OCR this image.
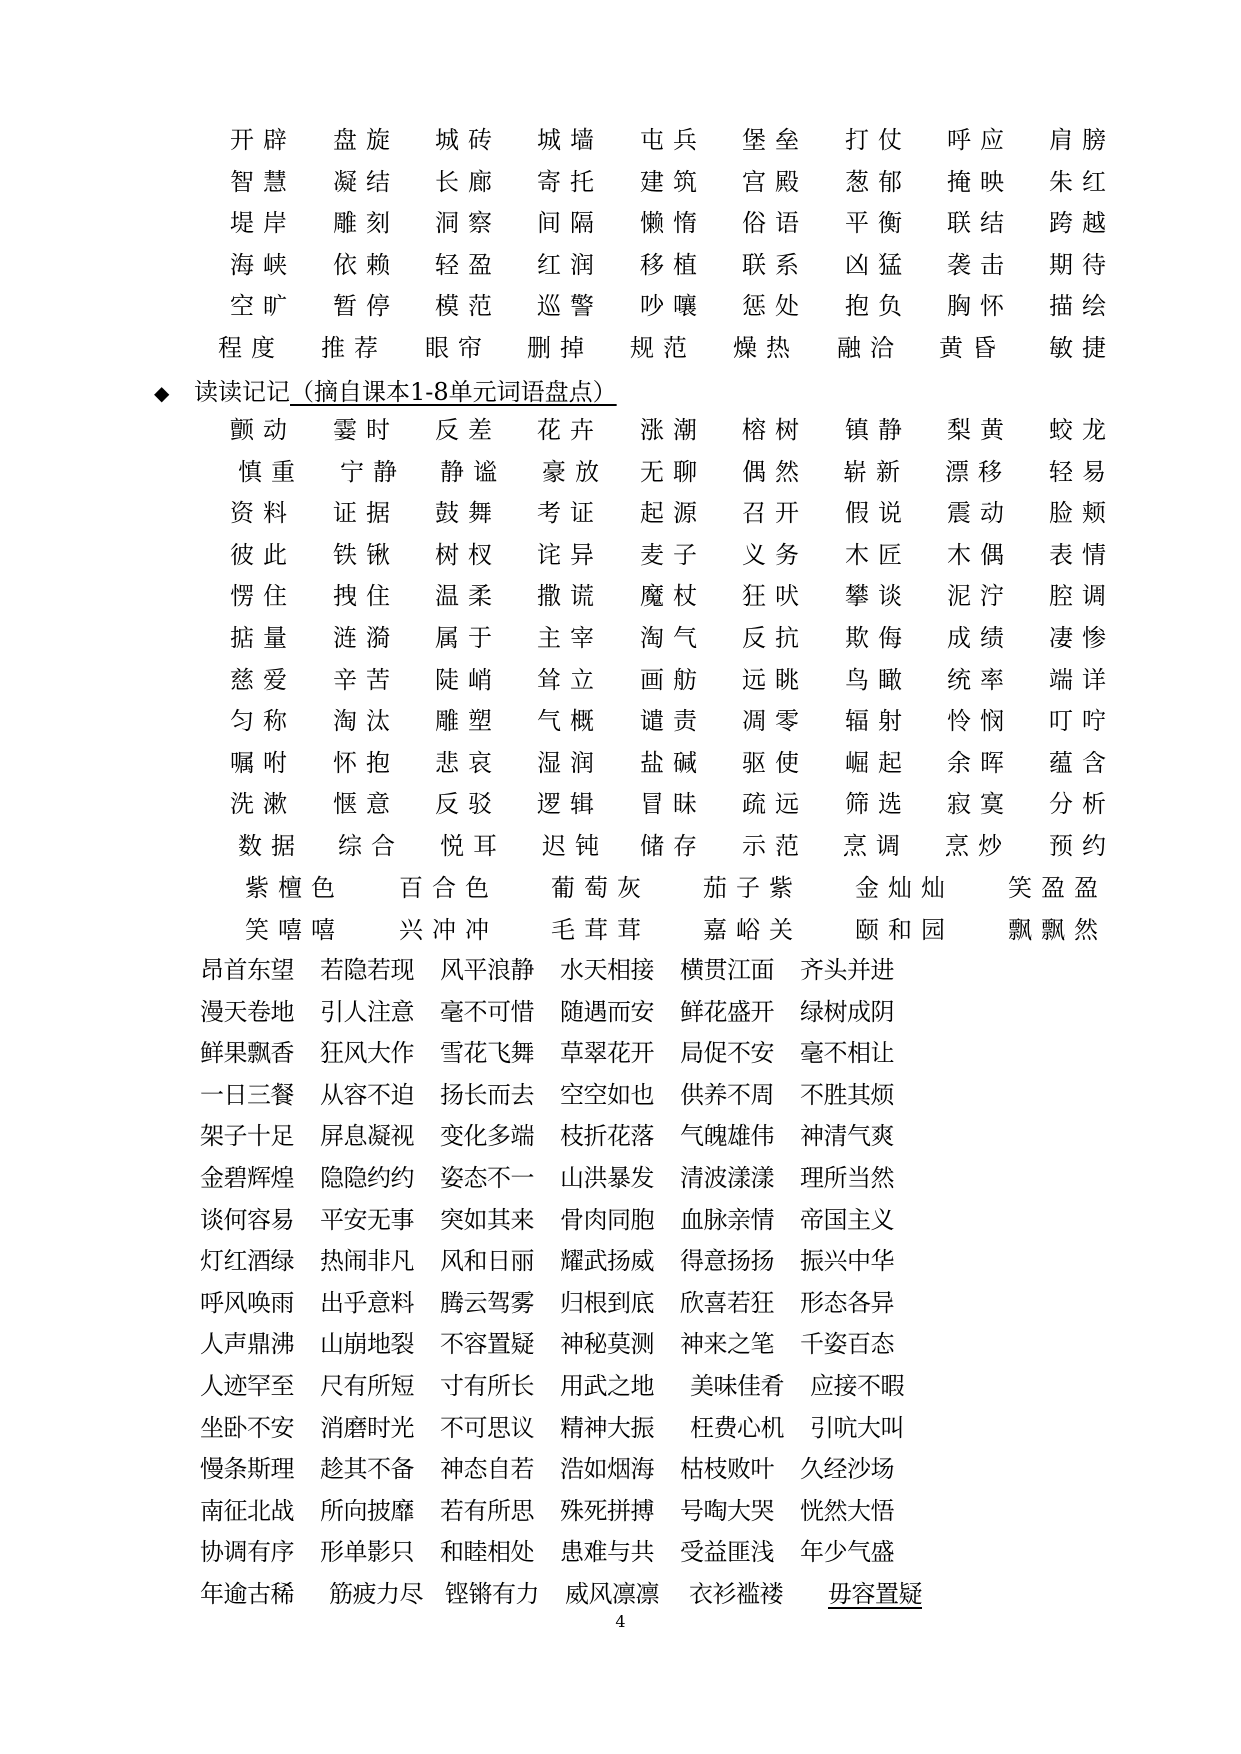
开辟 盘旋 城砖 城墙 屯兵 堡垒 打仗 呼应 肩膀
智慧 凝结 长廊 寄托 建筑 宫殿 葱郁 掩映 朱红
堤岸 雕刻 洞察 间隔 懒惰 俗语 平衡 联结 跨越
海峡 依赖 轻盈 红润 移植 联系 凶猛 袭击 期待
空旷 暂停 模范 巡警 吵嚷 惩处 抱负 胸怀 描绘
程度 推荐 眼帘 删掉 规范 燥热 融洽 黄昏 敏捷
◆ 读读记记（摘自课本1-8单元词语盘点）
颤动 霎时 反差 花卉 涨潮 榕树 镇静 梨黄 蛟龙
慎重 宁静 静谧 豪放 无聊 偶然 崭新 漂移 轻易
资料 证据 鼓舞 考证 起源 召开 假说 震动 脸颊
彼此 铁锹 树杈 诧异 麦子 义务 木匠 木偶 表情
愣住 拽住 温柔 撒谎 魔杖 狂吠 攀谈 泥泞 腔调
掂量 涟漪 属于 主宰 淘气 反抗 欺侮 成绩 凄惨
慈爱 辛苦 陡峭 耸立 画舫 远眺 鸟瞰 统率 端详
匀称 淘汰 雕塑 气概 谴责 凋零 辐射 怜悯 叮咛
嘱咐 怀抱 悲哀 湿润 盐碱 驱使 崛起 余晖 蕴含
洗漱 惬意 反驳 逻辑 冒昧 疏远 筛选 寂寞 分析
数据 综合 悦耳 迟钝 储存 示范 烹调 烹炒 预约
紫檀色 百合色 葡萄灰 茄子紫 金灿灿 笑盈盈
笑嘻嘻 兴冲冲 毛茸茸 嘉峪关 颐和园 飘飘然
昂首东望 若隐若现 风平浪静 水天相接 横贯江面 齐头并进
漫天卷地 引人注意 毫不可惜 随遇而安 鲜花盛开 绿树成阴
鲜果飘香 狂风大作 雪花飞舞 草翠花开 局促不安 毫不相让
一日三餐 从容不迫 扬长而去 空空如也 供养不周 不胜其烦
架子十足 屏息凝视 变化多端 枝折花落 气魄雄伟 神清气爽
金碧辉煌 隐隐约约 姿态不一 山洪暴发 清波漾漾 理所当然
谈何容易 平安无事 突如其来 骨肉同胞 血脉亲情 帝国主义
灯红酒绿 热闹非凡 风和日丽 耀武扬威 得意扬扬 振兴中华
呼风唤雨 出乎意料 腾云驾雾 归根到底 欣喜若狂 形态各异
人声鼎沸 山崩地裂 不容置疑 神秘莫测 神来之笔 千姿百态
人迹罕至 尺有所短 寸有所长 用武之地 美味佳肴 应接不暇
坐卧不安 消磨时光 不可思议 精神大振 枉费心机 引吭大叫
慢条斯理 趁其不备 神态自若 浩如烟海 枯枝败叶 久经沙场
南征北战 所向披靡 若有所思 殊死拼搏 号啕大哭 恍然大悟
协调有序 形单影只 和睦相处 患难与共 受益匪浅 年少气盛
年逾古稀 筋疲力尽 铿锵有力 威风凛凛 衣衫褴褛 毋容置疑
4
